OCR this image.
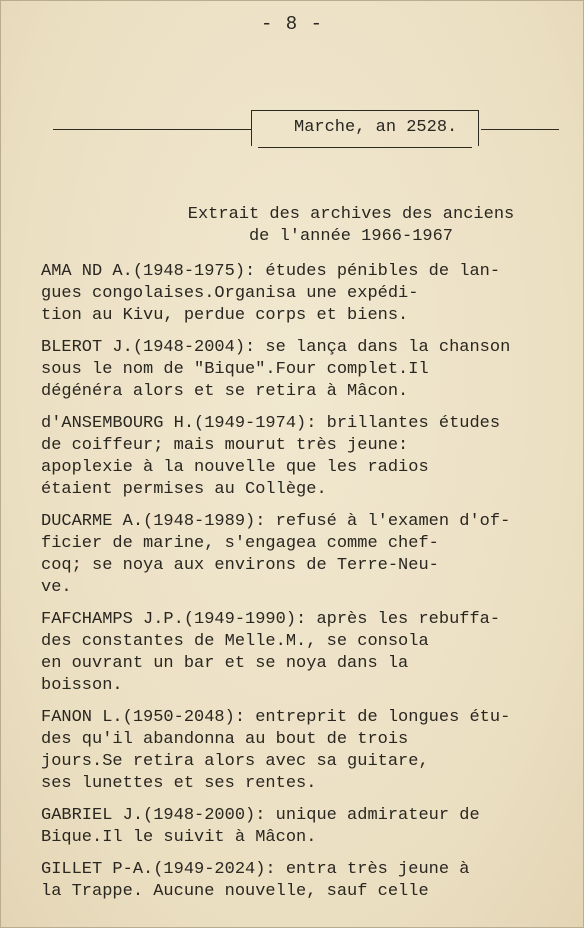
- 8 -
Marche, an 2528.
Extrait des archives des anciens
de l'année 1966-1967
AMA ND A.(1948-1975): études pénibles de lan-
gues congolaises.Organisa une expédi-
tion au Kivu, perdue corps et biens.
BLEROT J.(1948-2004): se lança dans la chanson
sous le nom de "Bique".Four complet.Il
dégénéra alors et se retira à Mâcon.
d'ANSEMBOURG H.(1949-1974): brillantes études
de coiffeur; mais mourut très jeune:
apoplexie à la nouvelle que les radios
étaient permises au Collège.
DUCARME A.(1948-1989): refusé à l'examen d'of-
ficier de marine, s'engagea comme chef-
coq; se noya aux environs de Terre-Neu-
ve.
FAFCHAMPS J.P.(1949-1990): après les rebuffa-
des constantes de Melle.M., se consola
en ouvrant un bar et se noya dans la
boisson.
FANON L.(1950-2048): entreprit de longues étu-
des qu'il abandonna au bout de trois
jours.Se retira alors avec sa guitare,
ses lunettes et ses rentes.
GABRIEL J.(1948-2000): unique admirateur de
Bique.Il le suivit à Mâcon.
GILLET P-A.(1949-2024): entra très jeune à
la Trappe. Aucune nouvelle, sauf celle
